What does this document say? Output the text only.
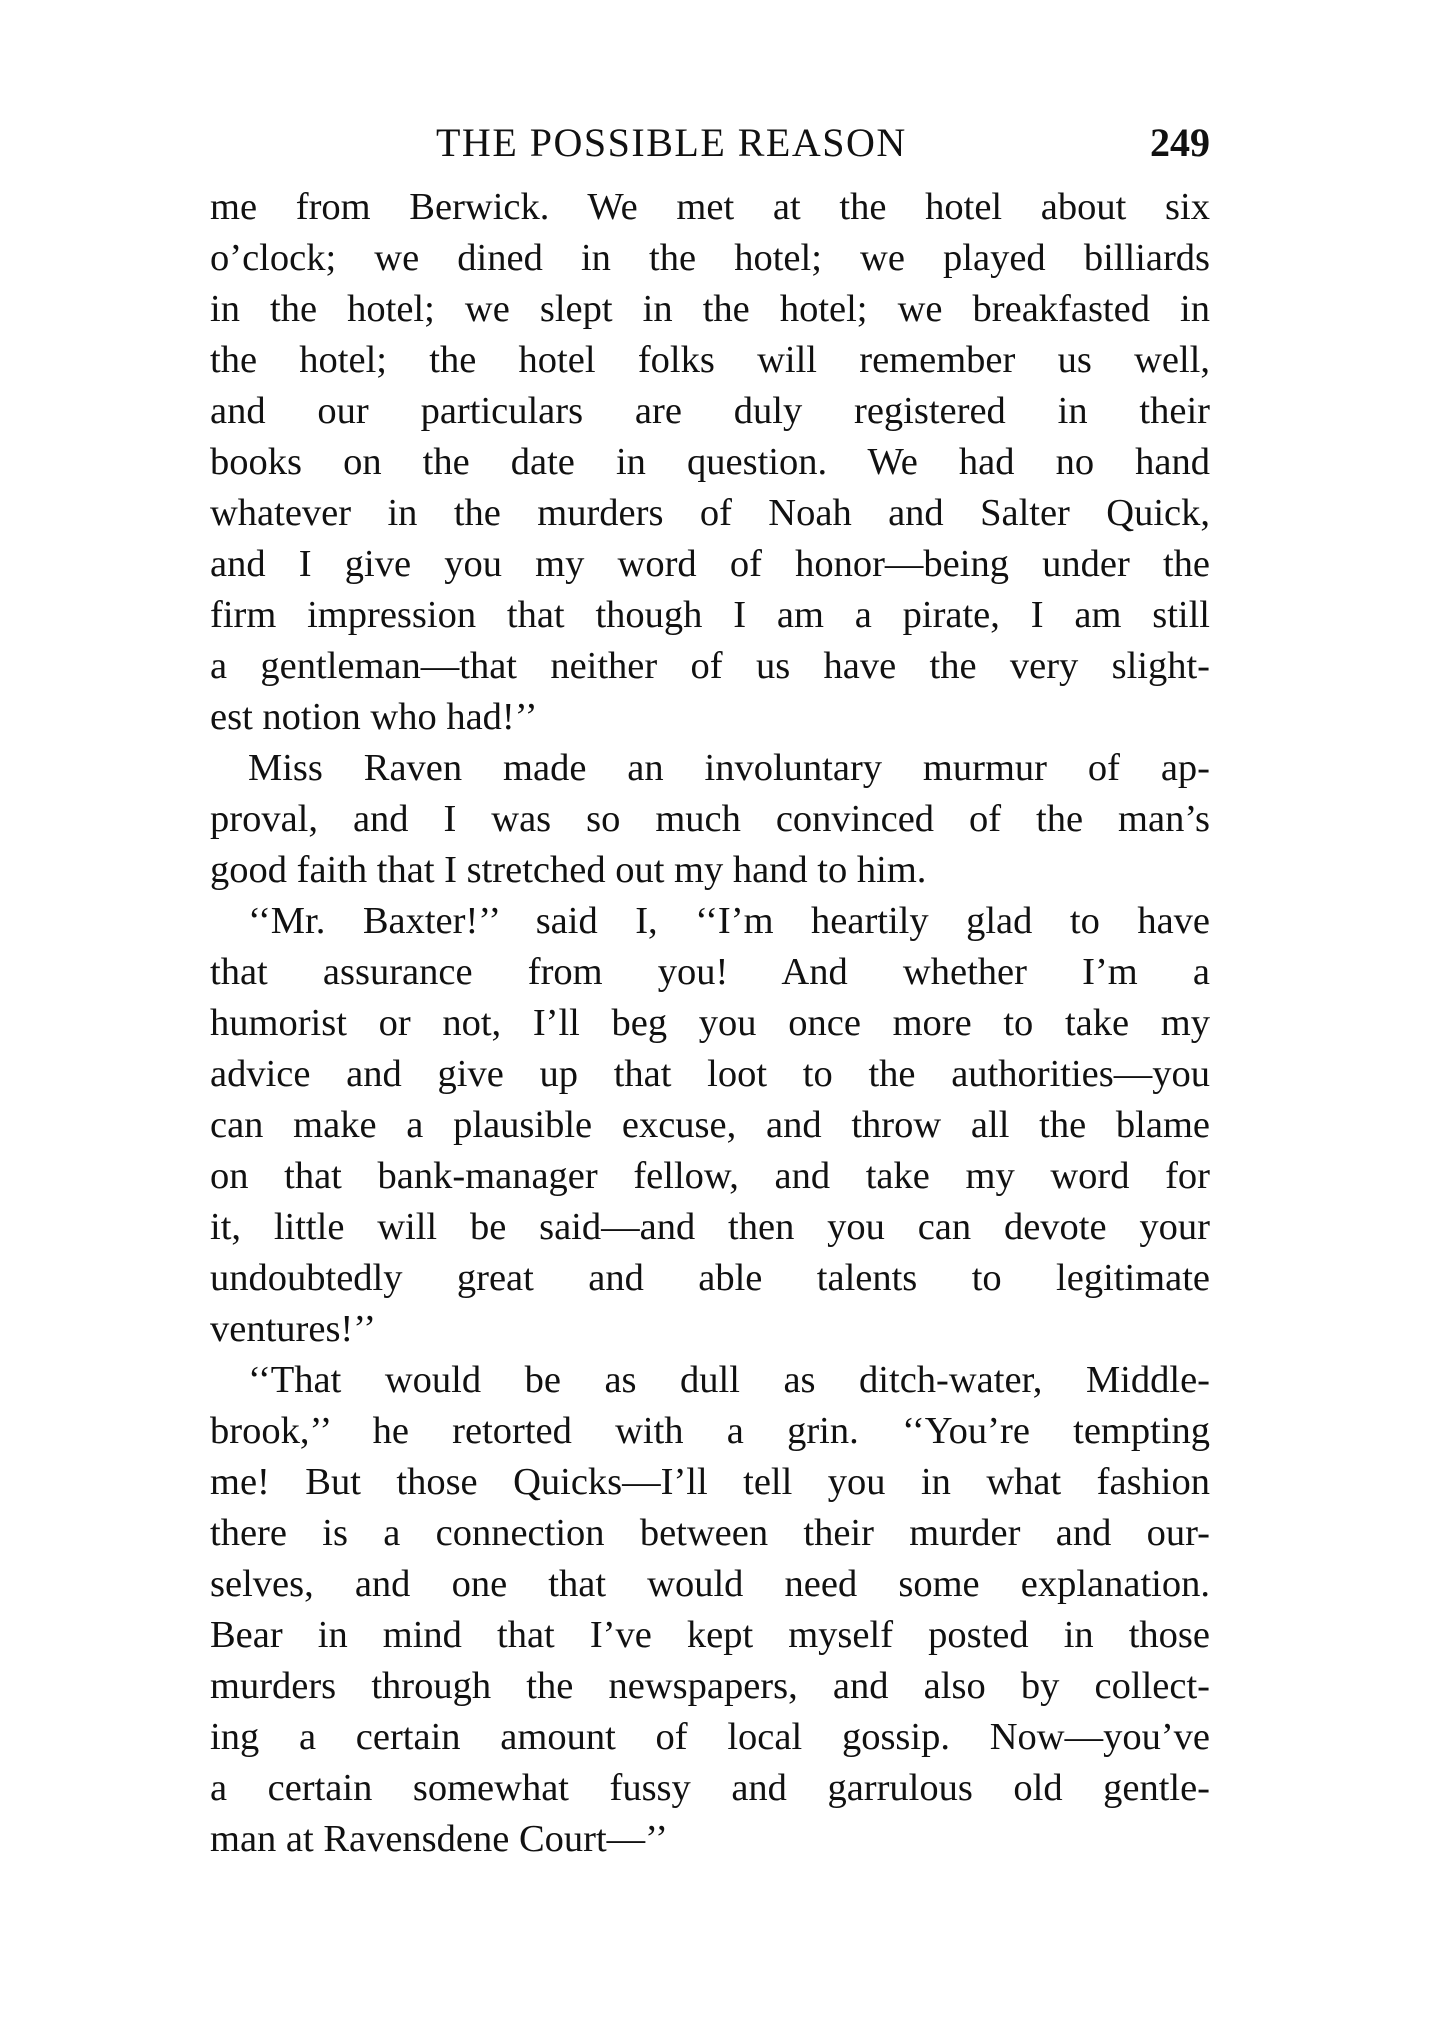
THE POSSIBLE REASON	249
me from Berwick. We met at the hotel about six
o’clock; we dined in the hotel; we played billiards
in the hotel; we slept in the hotel; we breakfasted in
the hotel; the hotel folks will remember us well,
and our particulars are duly registered in their
books on the date in question. We had no hand
whatever in the murders of Noah and Salter Quick,
and I give you my word of honor—being under the
firm impression that though I am a pirate, I am still
a gentleman—that neither of us have the very slight-
est notion who had!’’
Miss Raven made an involuntary murmur of ap-
proval, and I was so much convinced of the man’s
good faith that I stretched out my hand to him.
‘‘Mr. Baxter!’’ said I, ‘‘I’m heartily glad to have
that assurance from you! And whether I’m a
humorist or not, I’ll beg you once more to take my
advice and give up that loot to the authorities—you
can make a plausible excuse, and throw all the blame
on that bank-manager fellow, and take my word for
it, little will be said—and then you can devote your
undoubtedly great and able talents to legitimate
ventures!’’
‘‘That would be as dull as ditch-water, Middle-
brook,’’ he retorted with a grin. ‘‘You’re tempting
me! But those Quicks—I’ll tell you in what fashion
there is a connection between their murder and our-
selves, and one that would need some explanation.
Bear in mind that I’ve kept myself posted in those
murders through the newspapers, and also by collect-
ing a certain amount of local gossip. Now—you’ve
a certain somewhat fussy and garrulous old gentle-
man at Ravensdene Court—’’
